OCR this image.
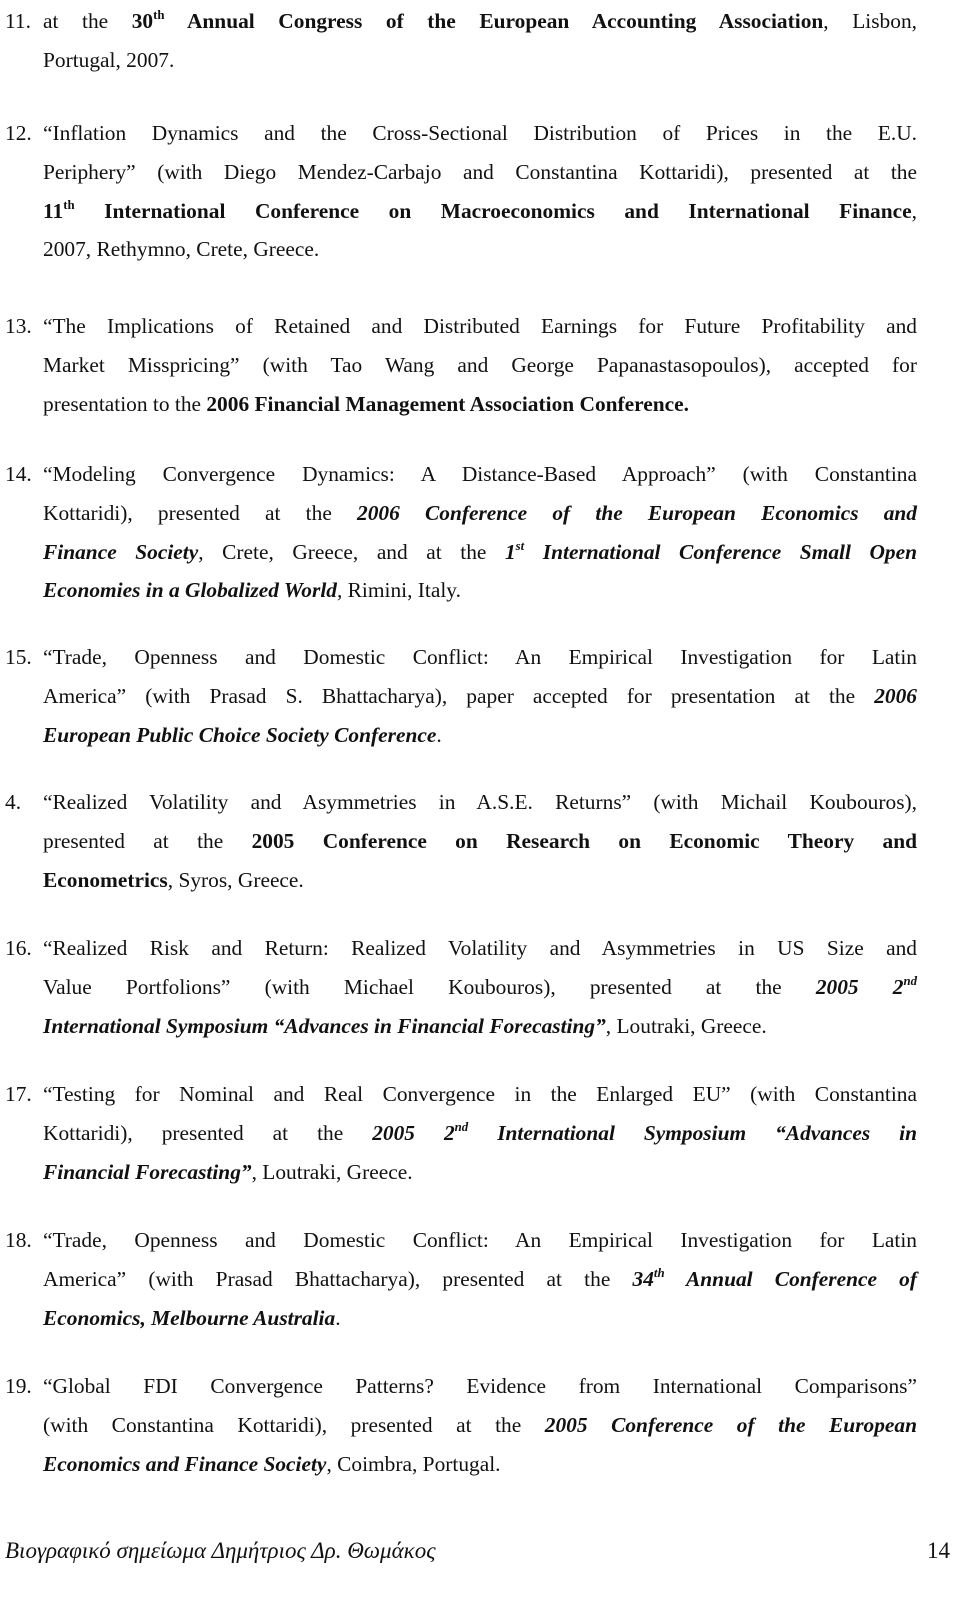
11. at the 30th Annual Congress of the European Accounting Association, Lisbon,
Portugal, 2007.
12. “Inflation Dynamics and the Cross-Sectional Distribution of Prices in the E.U.
Periphery” (with Diego Mendez-Carbajo and Constantina Kottaridi), presented at the
11th International Conference on Macroeconomics and International Finance,
2007, Rethymno, Crete, Greece.
13. “The Implications of Retained and Distributed Earnings for Future Profitability and
Market Misspricing” (with Tao Wang and George Papanastasopoulos), accepted for
presentation to the 2006 Financial Management Association Conference.
14. “Modeling Convergence Dynamics: A Distance-Based Approach” (with Constantina
Kottaridi), presented at the 2006 Conference of the European Economics and
Finance Society, Crete, Greece, and at the 1st International Conference Small Open
Economies in a Globalized World, Rimini, Italy.
15. “Trade, Openness and Domestic Conflict: An Empirical Investigation for Latin
America” (with Prasad S. Bhattacharya), paper accepted for presentation at the 2006
European Public Choice Society Conference.
4. “Realized Volatility and Asymmetries in A.S.E. Returns” (with Michail Koubouros),
presented at the 2005 Conference on Research on Economic Theory and
Econometrics, Syros, Greece.
16. “Realized Risk and Return: Realized Volatility and Asymmetries in US Size and
Value Portfolions” (with Michael Koubouros), presented at the 2005 2nd
International Symposium “Advances in Financial Forecasting”, Loutraki, Greece.
17. “Testing for Nominal and Real Convergence in the Enlarged EU” (with Constantina
Kottaridi), presented at the 2005 2nd International Symposium “Advances in
Financial Forecasting”, Loutraki, Greece.
18. “Trade, Openness and Domestic Conflict: An Empirical Investigation for Latin
America” (with Prasad Bhattacharya), presented at the 34th Annual Conference of
Economics, Melbourne Australia.
19. “Global FDI Convergence Patterns? Evidence from International Comparisons”
(with Constantina Kottaridi), presented at the 2005 Conference of the European
Economics and Finance Society, Coimbra, Portugal.
Βιογραφικό σημείωμα Δημήτριος Δρ. Θωμάκος	14
